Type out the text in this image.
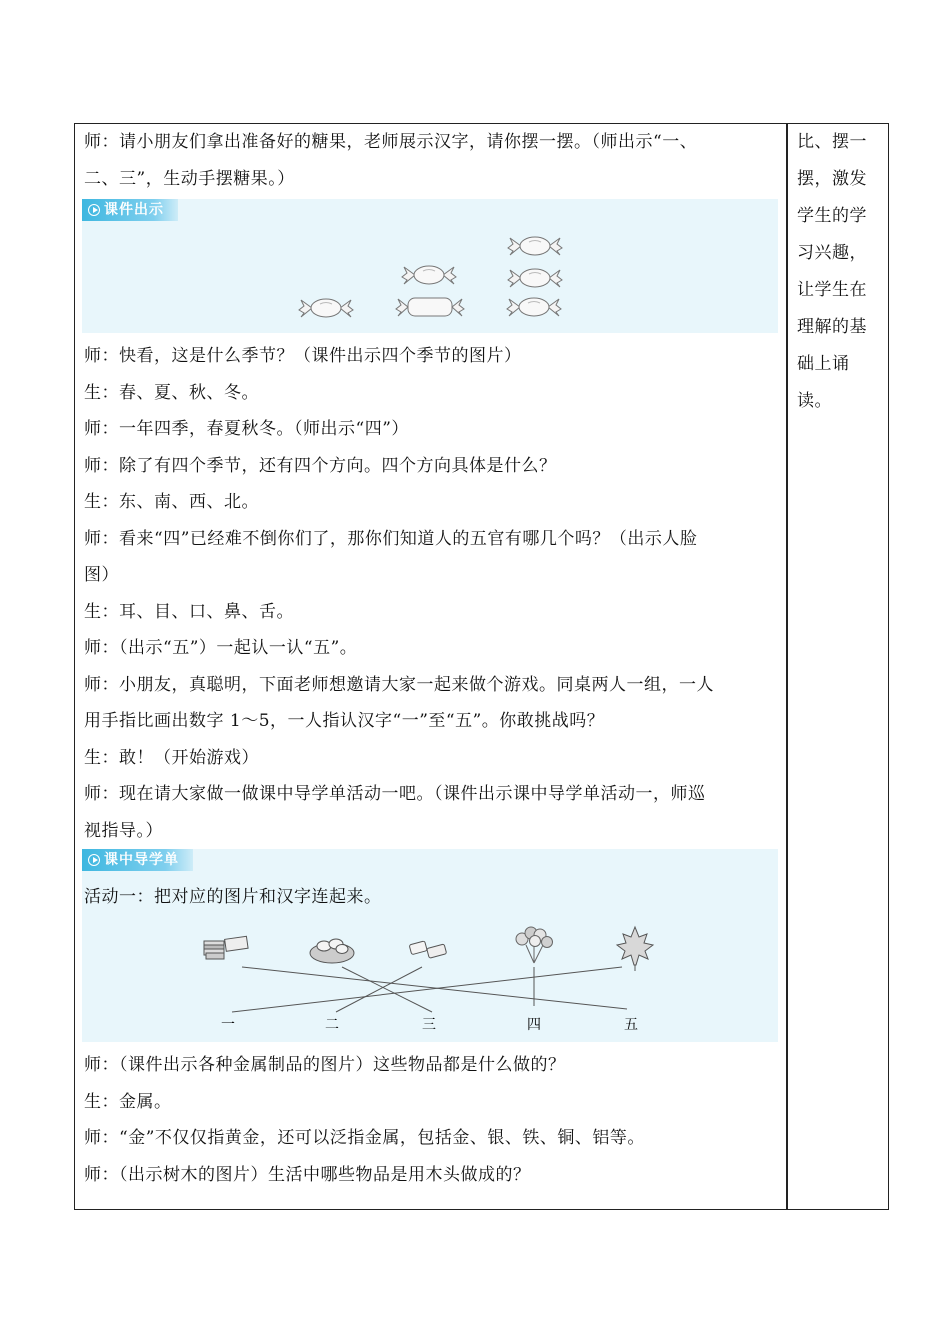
师：请小朋友们拿出准备好的糖果，老师展示汉字，请你摆一摆。（师出示“一、
二、三”，生动手摆糖果。）
课件出示
师：快看，这是什么季节？（课件出示四个季节的图片）
生：春、夏、秋、冬。
师：一年四季，春夏秋冬。（师出示“四”）
师：除了有四个季节，还有四个方向。四个方向具体是什么？
生：东、南、西、北。
师：看来“四”已经难不倒你们了，那你们知道人的五官有哪几个吗？（出示人脸
图）
生：耳、目、口、鼻、舌。
师：（出示“五”）一起认一认“五”。
师：小朋友，真聪明，下面老师想邀请大家一起来做个游戏。同桌两人一组，一人
用手指比画出数字 1～5，一人指认汉字“一”至“五”。你敢挑战吗？
生：敢！（开始游戏）
师：现在请大家做一做课中导学单活动一吧。（课件出示课中导学单活动一，师巡
视指导。）
课中导学单
活动一：把对应的图片和汉字连起来。
一	二	三	四	五
师：（课件出示各种金属制品的图片）这些物品都是什么做的？
生：金属。
师：“金”不仅仅指黄金，还可以泛指金属，包括金、银、铁、铜、铝等。
师：（出示树木的图片）生活中哪些物品是用木头做成的？
比、摆一
摆，激发
学生的学
习兴趣，
让学生在
理解的基
础上诵
读。
